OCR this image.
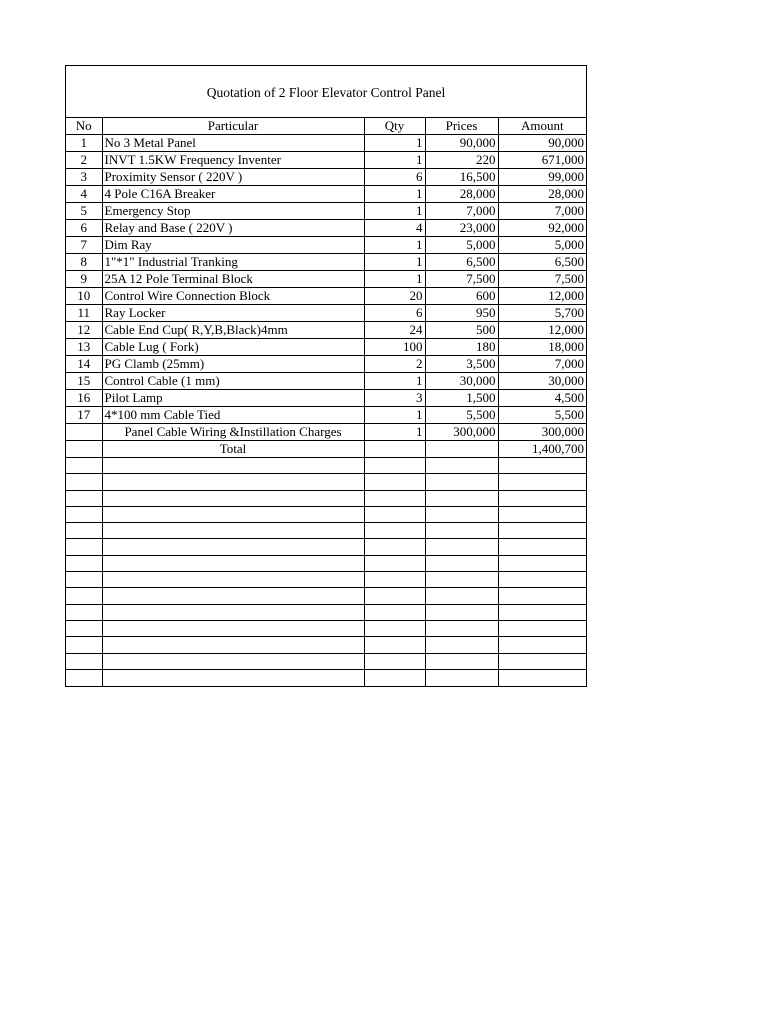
Quotation of 2 Floor Elevator Control Panel
No	Particular	Qty	Prices	Amount
1	No 3 Metal Panel	1	90,000	90,000
2	INVT 1.5KW Frequency Inventer	1	220	671,000
3	Proximity Sensor ( 220V )	6	16,500	99,000
4	4 Pole C16A Breaker	1	28,000	28,000
5	Emergency Stop	1	7,000	7,000
6	Relay and Base ( 220V )	4	23,000	92,000
7	Dim Ray	1	5,000	5,000
8	1"*1" Industrial Tranking	1	6,500	6,500
9	25A 12 Pole Terminal Block	1	7,500	7,500
10	Control Wire Connection Block	20	600	12,000
11	Ray Locker	6	950	5,700
12	Cable End Cup( R,Y,B,Black)4mm	24	500	12,000
13	Cable Lug ( Fork)	100	180	18,000
14	PG Clamb (25mm)	2	3,500	7,000
15	Control Cable (1 mm)	1	30,000	30,000
16	Pilot Lamp	3	1,500	4,500
17	4*100 mm Cable Tied	1	5,500	5,500
	Panel Cable Wiring &Instillation Charges	1	300,000	300,000
	Total			1,400,700
